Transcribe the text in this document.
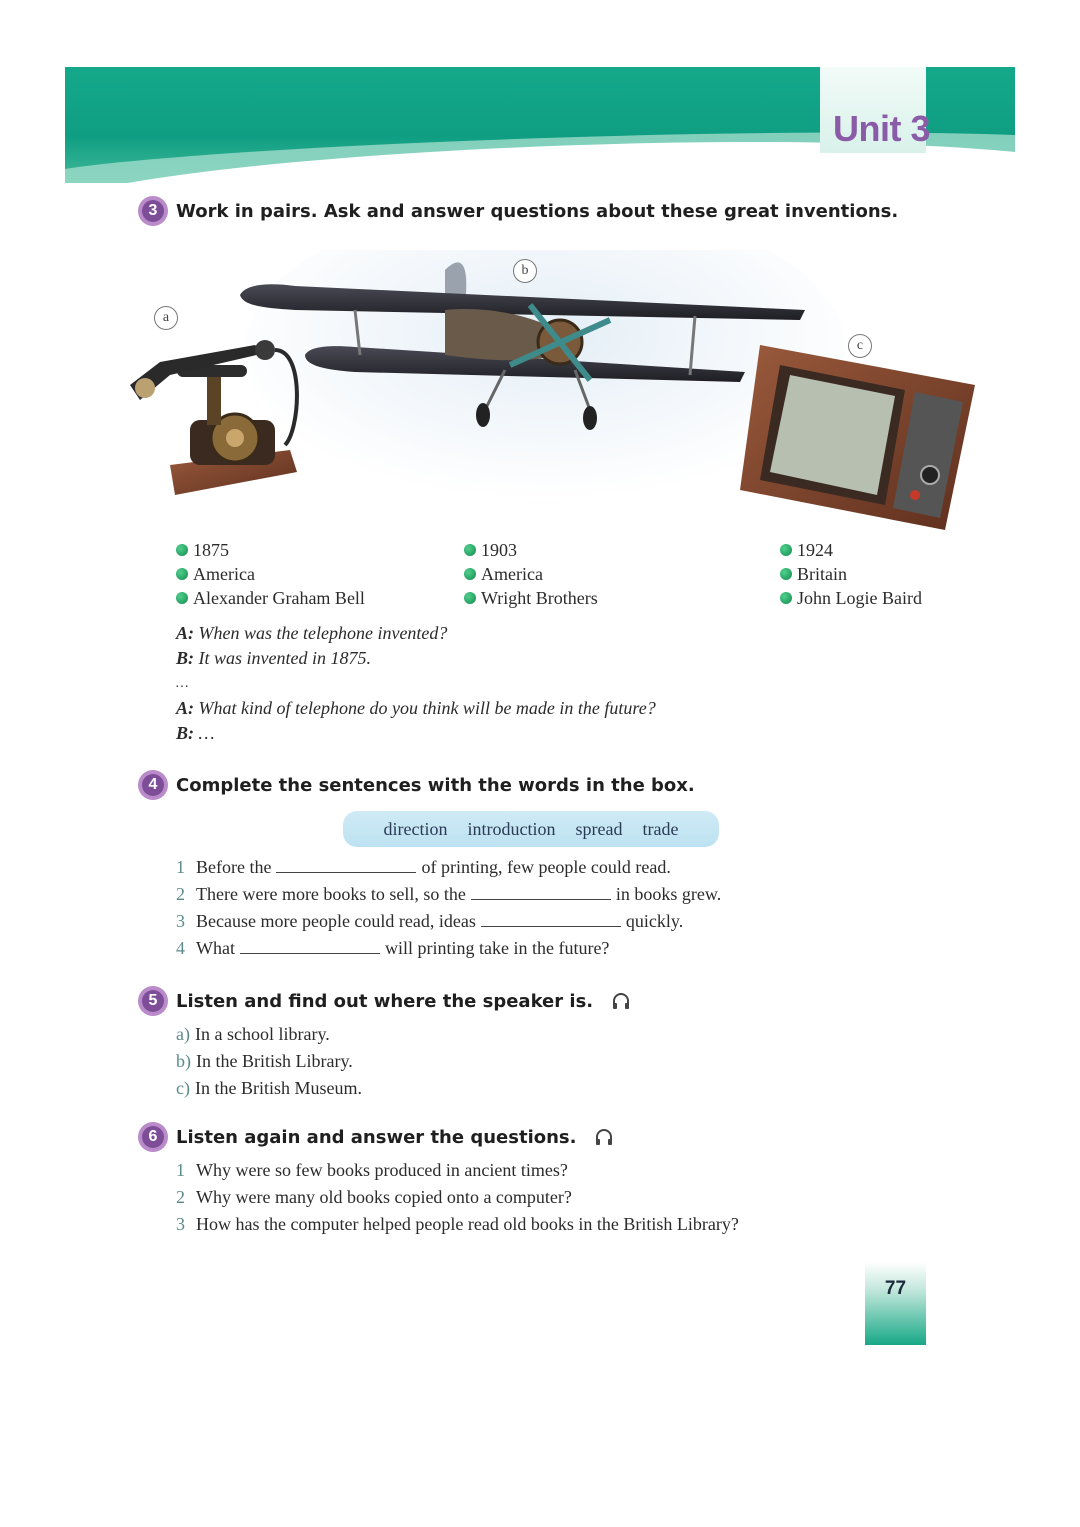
Unit 3
3	Work in pairs. Ask and answer questions about these great inventions.
a
b
c
1875
America
Alexander Graham Bell
1903
America
Wright Brothers
1924
Britain
John Logie Baird
A: When was the telephone invented?
B: It was invented in 1875.
…
A: What kind of telephone do you think will be made in the future?
B: …
4	Complete the sentences with the words in the box.
direction introduction spread trade
1 Before the	of printing, few people could read.
2 There were more books to sell, so the	in books grew.
3 Because more people could read, ideas	quickly.
4 What	will printing take in the future?
5	Listen and find out where the speaker is.
a) In a school library.
b) In the British Library.
c) In the British Museum.
6	Listen again and answer the questions.
1 Why were so few books produced in ancient times?
2 Why were many old books copied onto a computer?
3 How has the computer helped people read old books in the British Library?
77
